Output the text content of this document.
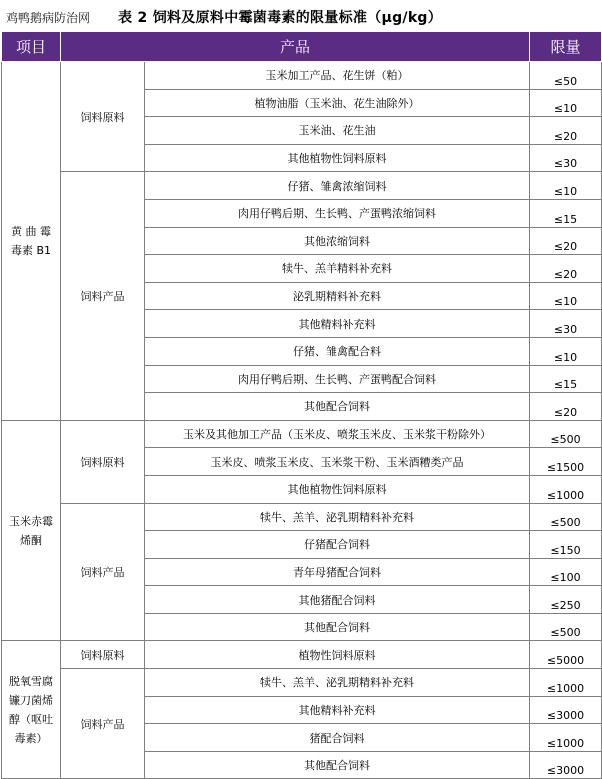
鸡鸭鹅病防治网 表 2 饲料及原料中霉菌毒素的限量标准（μg/kg）
项目	产品		限量
黄 曲 霉 毒素 B1	饲料原料	玉米加工产品、花生饼（粕）	≤50
		植物油脂（玉米油、花生油除外）	≤10
		玉米油、花生油	≤20
		其他植物性饲料原料	≤30
	饲料产品	仔猪、雏禽浓缩饲料	≤10
		肉用仔鸭后期、生长鸭、产蛋鸭浓缩饲料	≤15
		其他浓缩饲料	≤20
		犊牛、羔羊精料补充料	≤20
		泌乳期精料补充料	≤10
		其他精料补充料	≤30
		仔猪、雏禽配合料	≤10
		肉用仔鸭后期、生长鸭、产蛋鸭配合饲料	≤15
		其他配合饲料	≤20
玉米赤霉烯酮	饲料原料	玉米及其他加工产品（玉米皮、喷浆玉米皮、玉米浆干粉除外）	≤500
		玉米皮、喷浆玉米皮、玉米浆干粉、玉米酒糟类产品	≤1500
		其他植物性饲料原料	≤1000
	饲料产品	犊牛、羔羊、泌乳期精料补充料	≤500
		仔猪配合饲料	≤150
		青年母猪配合饲料	≤100
		其他猪配合饲料	≤250
		其他配合饲料	≤500
脱氧雪腐镰刀菌烯醇（呕吐毒素）	饲料原料	植物性饲料原料	≤5000
	饲料产品	犊牛、羔羊、泌乳期精料补充料	≤1000
		其他精料补充料	≤3000
		猪配合饲料	≤1000
		其他配合饲料	≤3000
